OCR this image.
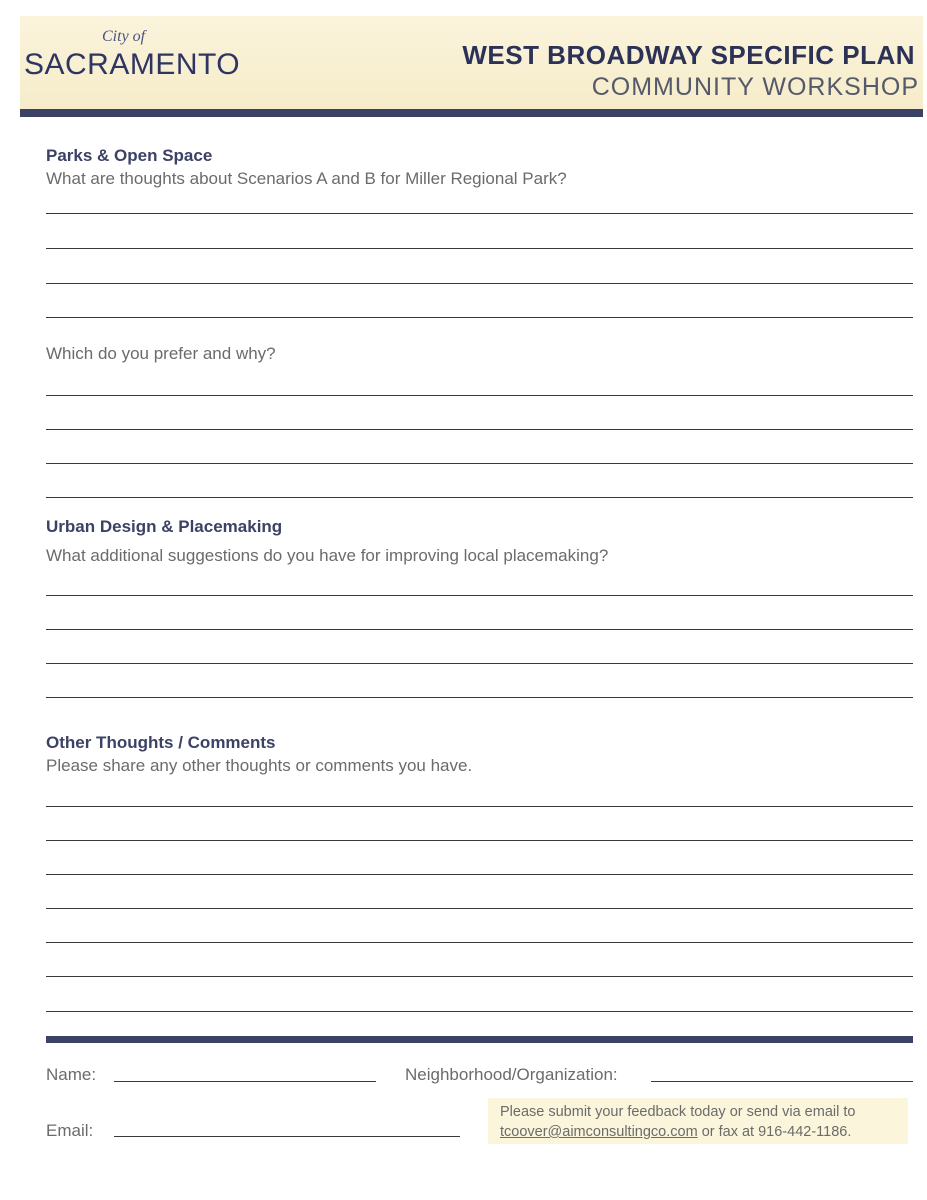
City of
SACRAMENTO	WEST BROADWAY SPECIFIC PLAN
COMMUNITY WORKSHOP
Parks & Open Space
What are thoughts about Scenarios A and B for Miller Regional Park?
Which do you prefer and why?
Urban Design & Placemaking
What additional suggestions do you have for improving local placemaking?
Other Thoughts / Comments
Please share any other thoughts or comments you have.
Name:	Neighborhood/Organization:
Email:
Please submit your feedback today or send via email to
tcoover@aimconsultingco.com or fax at 916-442-1186.
